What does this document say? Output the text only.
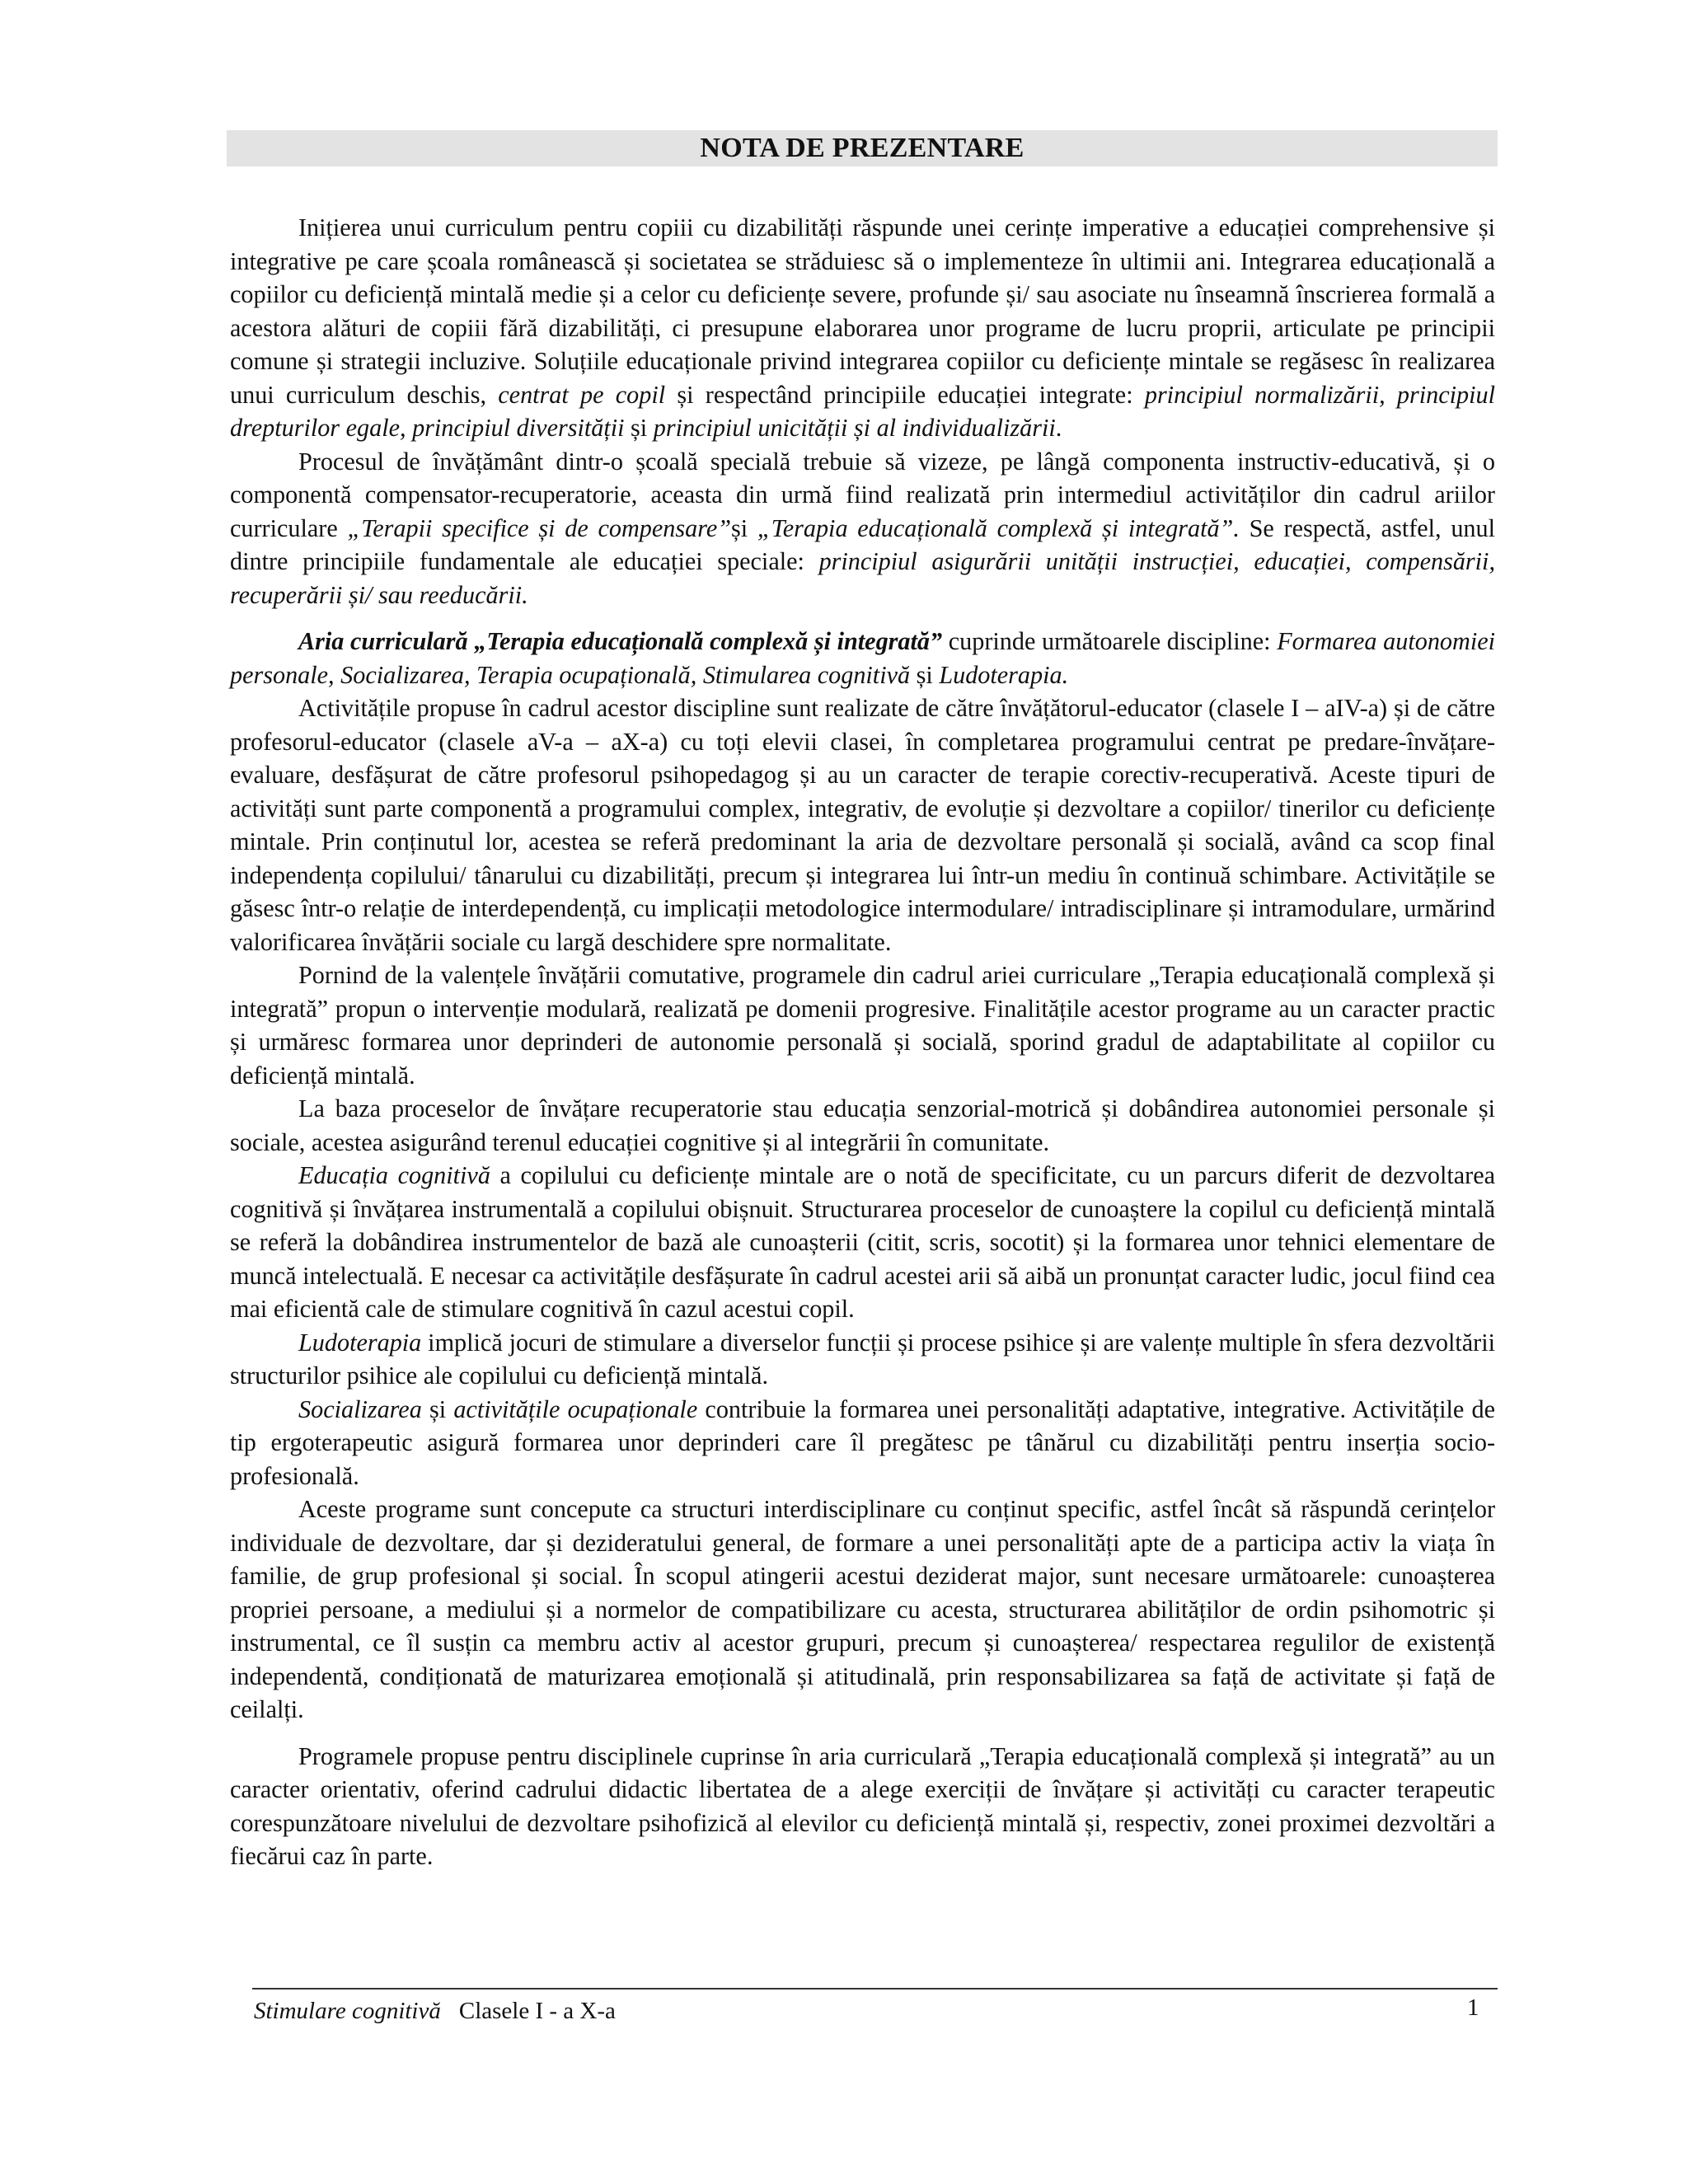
NOTA DE PREZENTARE

Inițierea unui curriculum pentru copiii cu dizabilități răspunde unei cerințe imperative a educației comprehensive și integrative pe care școala românească și societatea se străduiesc să o implementeze în ultimii ani. Integrarea educațională a copiilor cu deficiență mintală medie și a celor cu deficiențe severe, profunde și/ sau asociate nu înseamnă înscrierea formală a acestora alături de copiii fără dizabilități, ci presupune elaborarea unor programe de lucru proprii, articulate pe principii comune și strategii incluzive. Soluțiile educaționale privind integrarea copiilor cu deficiențe mintale se regăsesc în realizarea unui curriculum deschis, centrat pe copil și respectând principiile educației integrate: principiul normalizării, principiul drepturilor egale, principiul diversității și principiul unicității și al individualizării.

Procesul de învățământ dintr-o școală specială trebuie să vizeze, pe lângă componenta instructiv-educativă, și o componentă compensator-recuperatorie, aceasta din urmă fiind realizată prin intermediul activităților din cadrul ariilor curriculare „Terapii specifice și de compensare”și „Terapia educațională complexă și integrată”. Se respectă, astfel, unul dintre principiile fundamentale ale educației speciale: principiul asigurării unității instrucției, educației, compensării, recuperării și/ sau reeducării.

Aria curriculară „Terapia educațională complexă și integrată” cuprinde următoarele discipline: Formarea autonomiei personale, Socializarea, Terapia ocupațională, Stimularea cognitivă și Ludoterapia.

Activitățile propuse în cadrul acestor discipline sunt realizate de către învățătorul-educator (clasele I – aIV-a) și de către profesorul-educator (clasele aV-a – aX-a) cu toți elevii clasei, în completarea programului centrat pe predare-învățare-evaluare, desfășurat de către profesorul psihopedagog și au un caracter de terapie corectiv-recuperativă. Aceste tipuri de activități sunt parte componentă a programului complex, integrativ, de evoluție și dezvoltare a copiilor/ tinerilor cu deficiențe mintale. Prin conținutul lor, acestea se referă predominant la aria de dezvoltare personală și socială, având ca scop final independența copilului/ tânarului cu dizabilități, precum și integrarea lui într-un mediu în continuă schimbare. Activitățile se găsesc într-o relație de interdependență, cu implicații metodologice intermodulare/ intradisciplinare și intramodulare, urmărind valorificarea învățării sociale cu largă deschidere spre normalitate.

Pornind de la valențele învățării comutative, programele din cadrul ariei curriculare „Terapia educațională complexă și integrată” propun o intervenție modulară, realizată pe domenii progresive. Finalitățile acestor programe au un caracter practic și urmăresc formarea unor deprinderi de autonomie personală și socială, sporind gradul de adaptabilitate al copiilor cu deficiență mintală.

La baza proceselor de învățare recuperatorie stau educația senzorial-motrică și dobândirea autonomiei personale și sociale, acestea asigurând terenul educației cognitive și al integrării în comunitate.

Educația cognitivă a copilului cu deficiențe mintale are o notă de specificitate, cu un parcurs diferit de dezvoltarea cognitivă și învățarea instrumentală a copilului obișnuit. Structurarea proceselor de cunoaștere la copilul cu deficiență mintală se referă la dobândirea instrumentelor de bază ale cunoașterii (citit, scris, socotit) și la formarea unor tehnici elementare de muncă intelectuală. E necesar ca activitățile desfășurate în cadrul acestei arii să aibă un pronunțat caracter ludic, jocul fiind cea mai eficientă cale de stimulare cognitivă în cazul acestui copil.

Ludoterapia implică jocuri de stimulare a diverselor funcții și procese psihice și are valențe multiple în sfera dezvoltării structurilor psihice ale copilului cu deficiență mintală.

Socializarea și activitățile ocupaționale contribuie la formarea unei personalități adaptative, integrative. Activitățile de tip ergoterapeutic asigură formarea unor deprinderi care îl pregătesc pe tânărul cu dizabilități pentru inserția socio-profesională.

Aceste programe sunt concepute ca structuri interdisciplinare cu conținut specific, astfel încât să răspundă cerințelor individuale de dezvoltare, dar și dezideratului general, de formare a unei personalități apte de a participa activ la viața în familie, de grup profesional și social. În scopul atingerii acestui deziderat major, sunt necesare următoarele: cunoașterea propriei persoane, a mediului și a normelor de compatibilizare cu acesta, structurarea abilităților de ordin psihomotric și instrumental, ce îl susțin ca membru activ al acestor grupuri, precum și cunoașterea/ respectarea regulilor de existență independentă, condiționată de maturizarea emoțională și atitudinală, prin responsabilizarea sa față de activitate și față de ceilalți.

Programele propuse pentru disciplinele cuprinse în aria curriculară „Terapia educațională complexă și integrată” au un caracter orientativ, oferind cadrului didactic libertatea de a alege exerciții de învățare și activități cu caracter terapeutic corespunzătoare nivelului de dezvoltare psihofizică al elevilor cu deficiență mintală și, respectiv, zonei proximei dezvoltări a fiecărui caz în parte.

Stimulare cognitivă Clasele I - a X-a	1
